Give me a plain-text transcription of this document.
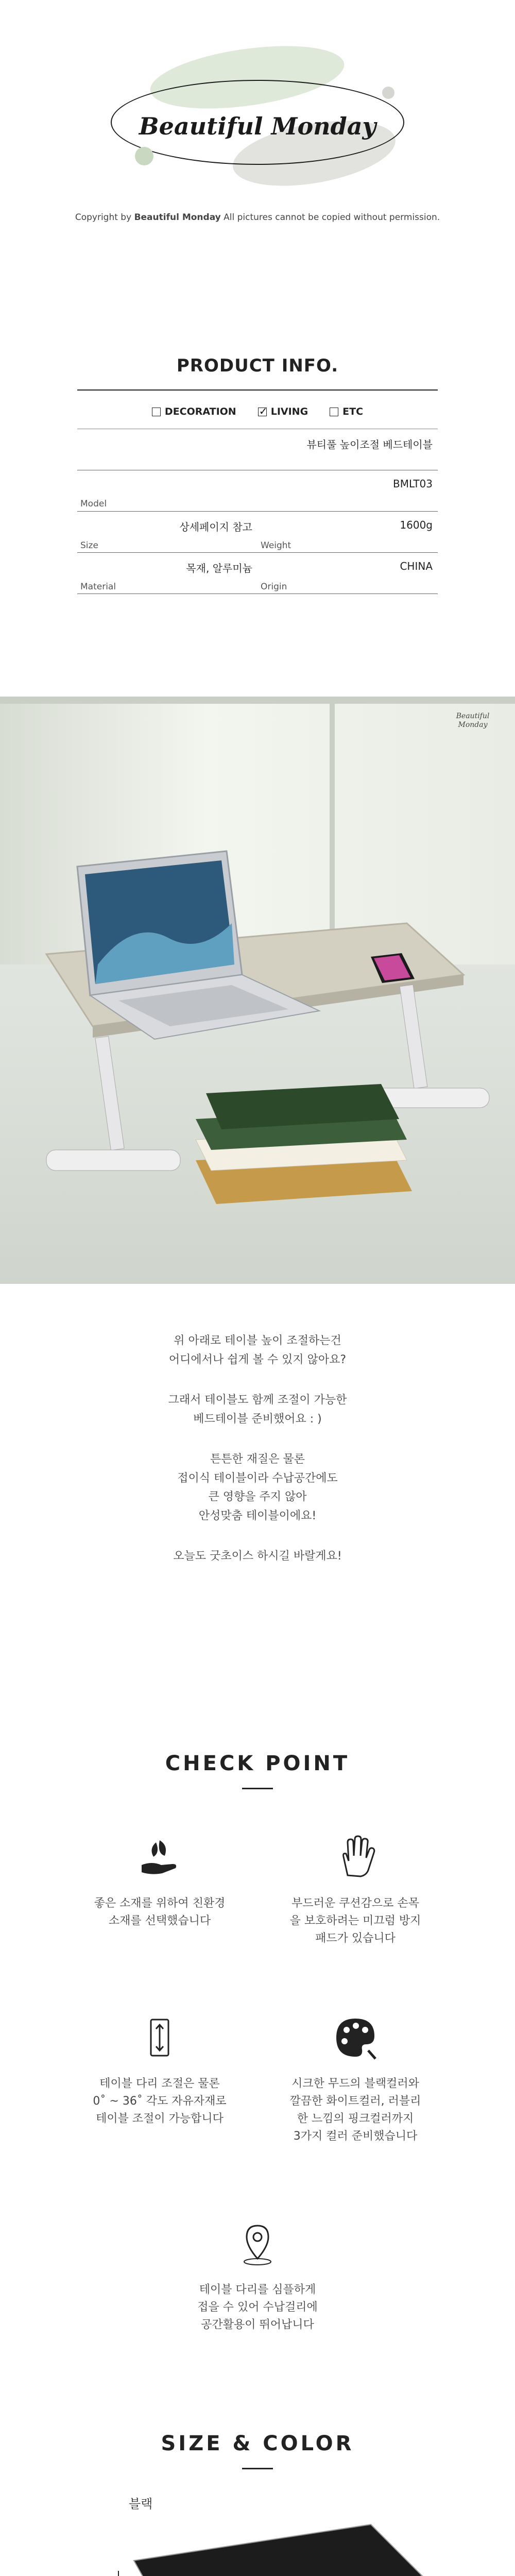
Beautiful Monday
Copyright by Beautiful Monday All pictures cannot be copied without permission.
PRODUCT INFO.
DECORATION
✓	LIVING	ETC
뷰티풀 높이조절 베드테이블
Model
BMLT03
Size
상세페이지 참고
Weight
1600g
Material
목재, 알루미늄
Origin
CHINA
Beautiful Monday

위 아래로 테이블 높이 조절하는건
어디에서나 쉽게 볼 수 있지 않아요?

그래서 테이블도 함께 조절이 가능한
베드테이블 준비했어요 : )

튼튼한 재질은 물론
접이식 테이블이라 수납공간에도
큰 영향을 주지 않아
안성맞춤 테이블이에요!

오늘도 굿초이스 하시길 바랄게요!

CHECK POINT

좋은 소재를 위하여 친환경
소재를 선택했습니다

부드러운 쿠션감으로 손목
을 보호하려는 미끄럼 방지
패드가 있습니다

테이블 다리 조절은 물론
0˚ ~ 36˚ 각도 자유자재로
테이블 조절이 가능합니다

시크한 무드의 블랙컬러와
깔끔한 화이트컬러, 러블리
한 느낌의 핑크컬러까지
3가지 컬러 준비했습니다

테이블 다리를 심플하게
접을 수 있어 수납걸리에
공간활용이 뛰어납니다

SIZE & COLOR
블랙
